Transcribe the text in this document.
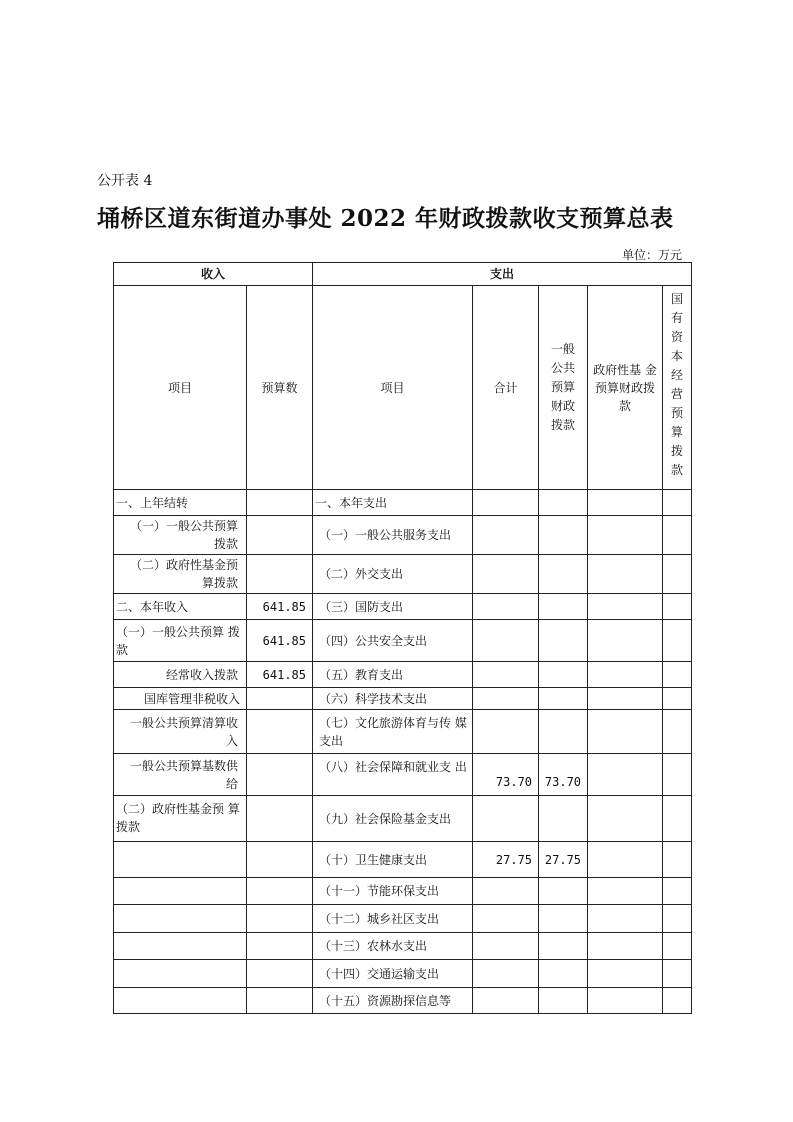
公开表 4
埇桥区道东街道办事处 2022 年财政拨款收支预算总表
单位：万元
收入		支出				
项目	预算数	项目	合计	一般公共预算财政拨款	政府性基 金预算财政拨 款	国有资本经营预算拨款

一、上年结转		一、本年支出				

（一）一般公共预算拨款		（一）一般公共服务支出				

（二）政府性基金预算拨款		（二）外交支出				
二、本年收入	641.85	（三）国防支出				
（一）一般公共预算 拨款	641.85	（四）公共安全支出				
经常收入拨款	641.85	（五）教育支出				
国库管理非税收入		（六）科学技术支出				

一般公共预算清算收入		（七）文化旅游体育与传 媒支出				

一般公共预算基数供给		（八）社会保障和就业支 出	73.70	73.70		
（二）政府性基金预 算拨款		（九）社会保险基金支出				
		（十）卫生健康支出	27.75	27.75		
		（十一）节能环保支出				
		（十二）城乡社区支出				
		（十三）农林水支出				
		（十四）交通运输支出				
		（十五）资源勘探信息等				
